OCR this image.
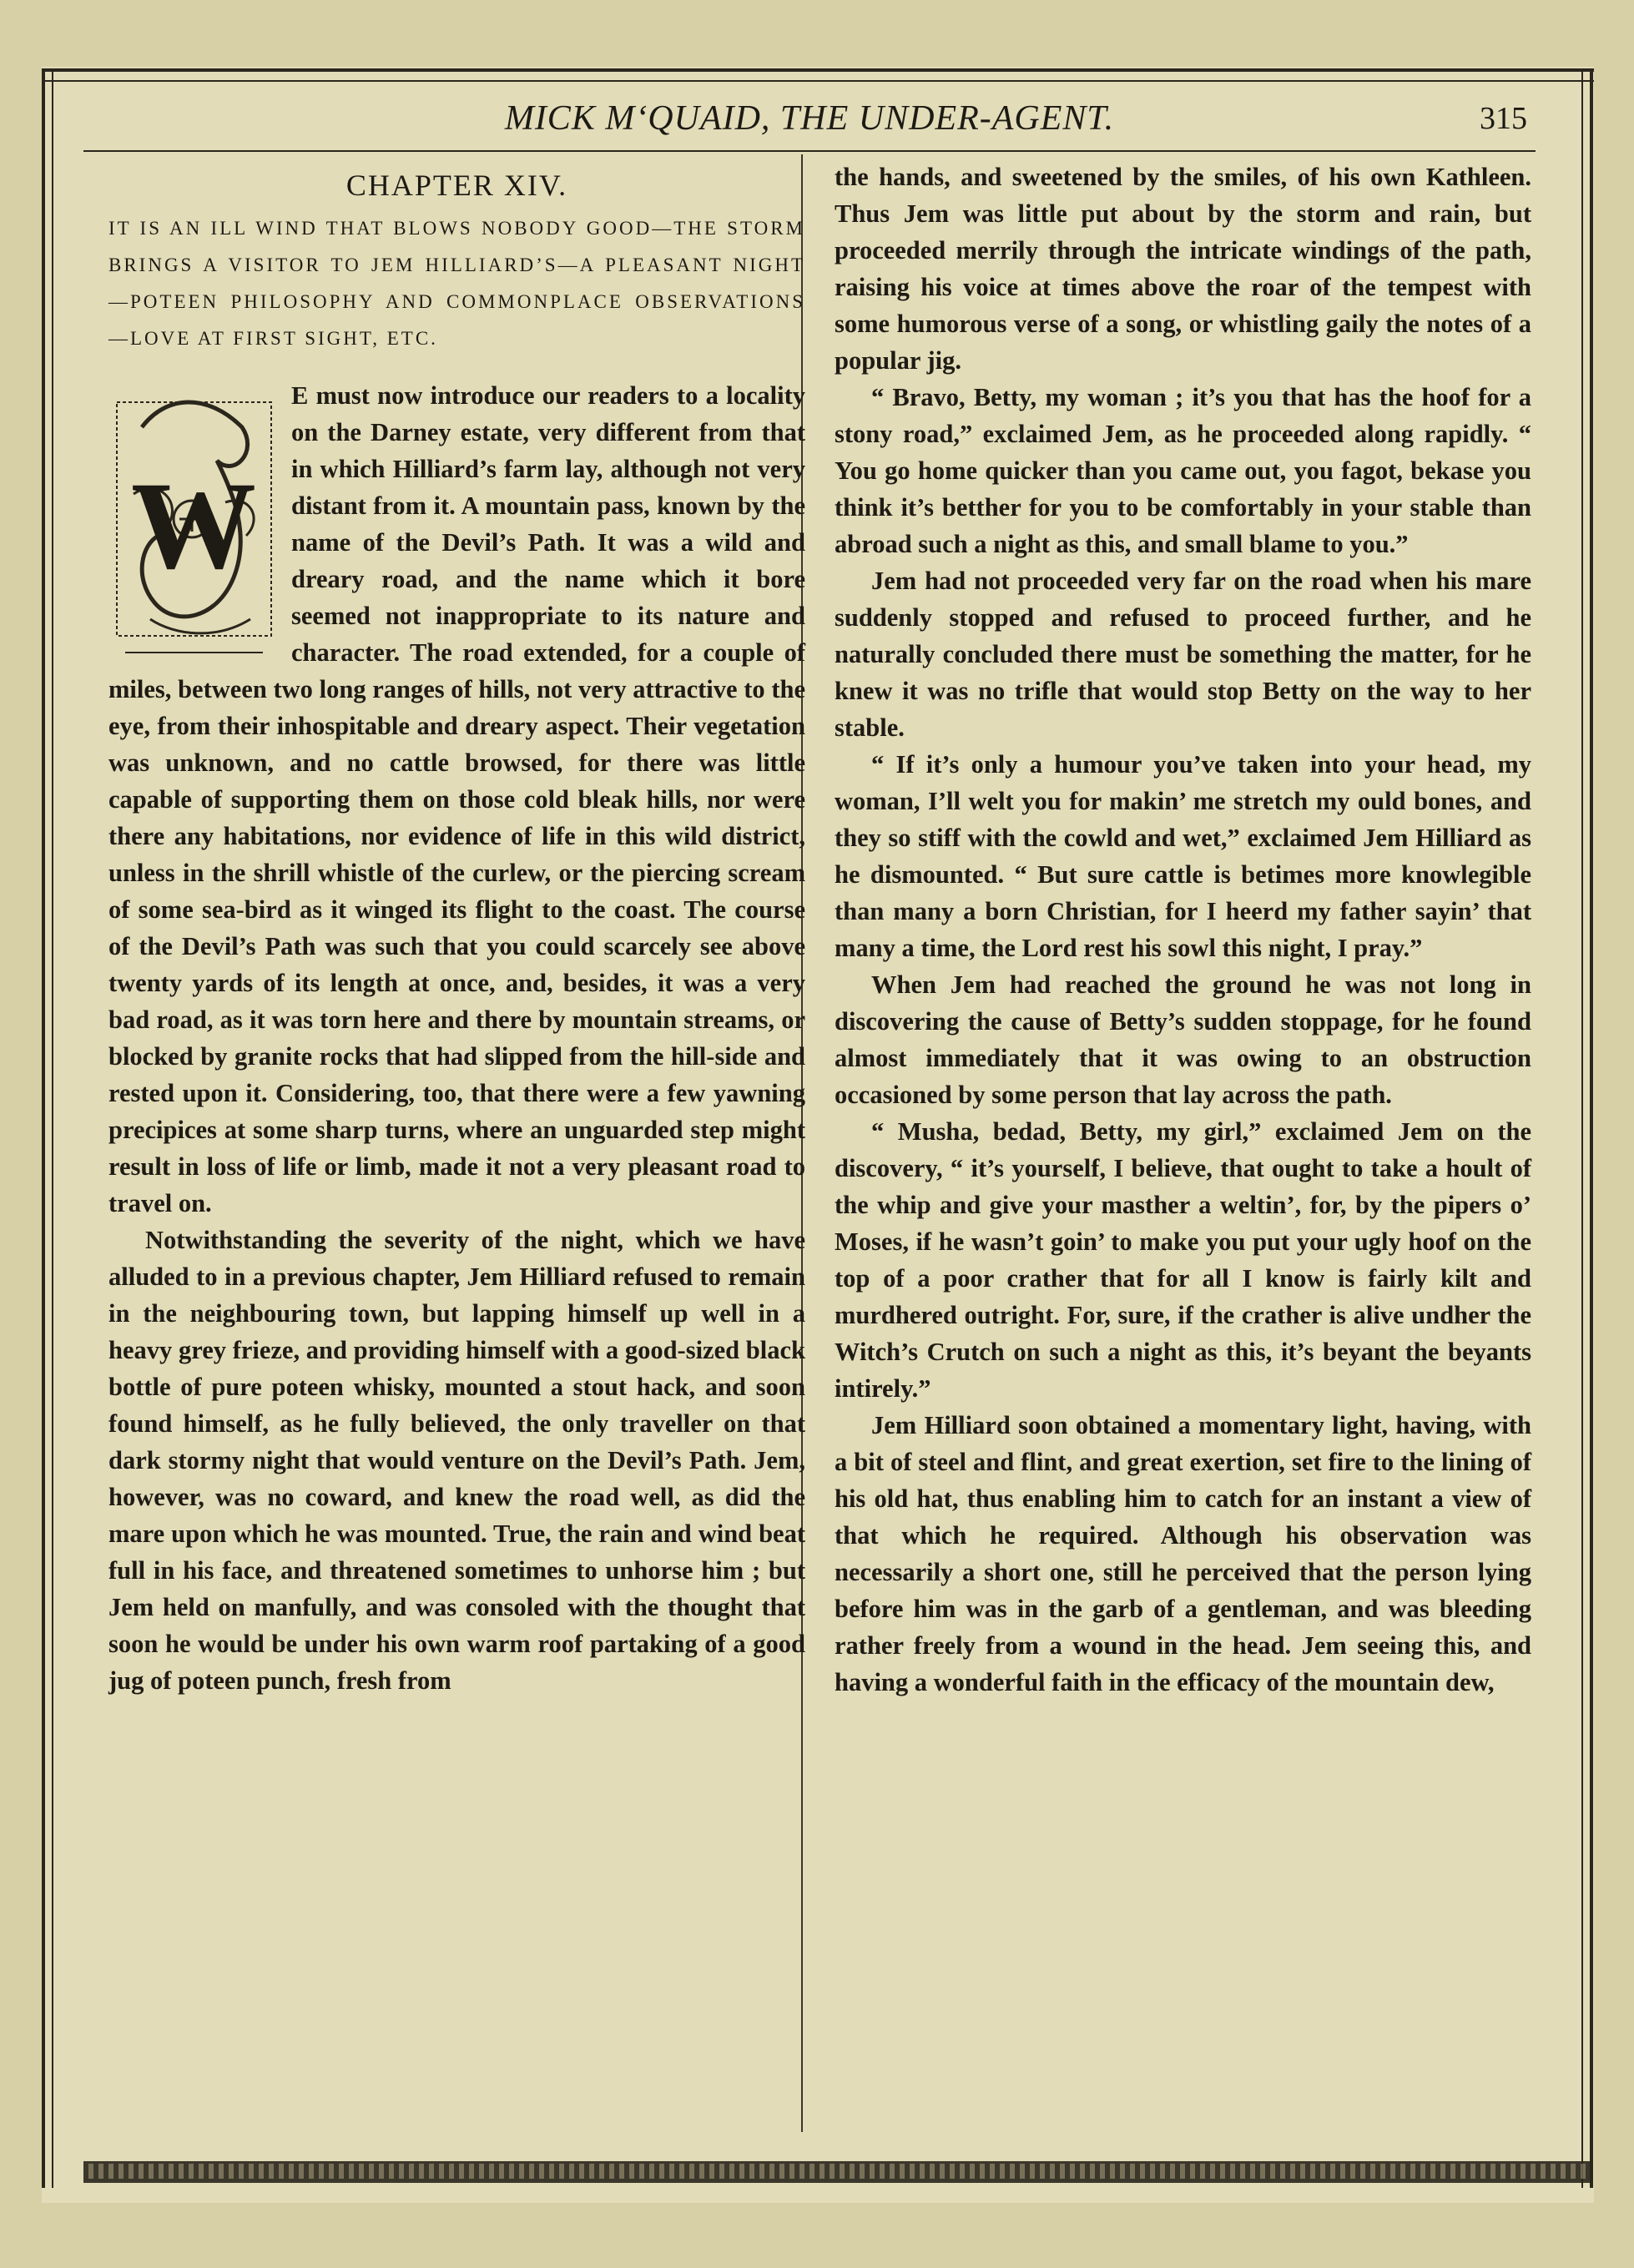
MICK M‘QUAID, THE UNDER-AGENT.	315
CHAPTER XIV.
IT IS AN ILL WIND THAT BLOWS NOBODY GOOD—THE STORM BRINGS A VISITOR TO JEM HILLIARD’S—A PLEASANT NIGHT—POTEEN PHILOSOPHY AND COMMONPLACE OBSERVATIONS—LOVE AT FIRST SIGHT, ETC.
W

E must now introduce our readers to a locality on the Darney estate, very different from that in which Hilliard’s farm lay, although not very distant from it. A mountain pass, known by the name of the Devil’s Path. It was a wild and dreary road, and the name which it bore seemed not inappropriate to its nature and character. The road extended, for a couple of miles, between two long ranges of hills, not very attractive to the eye, from their inhospitable and dreary aspect. Their vegetation was unknown, and no cattle browsed, for there was little capable of supporting them on those cold bleak hills, nor were there any habitations, nor evidence of life in this wild district, unless in the shrill whistle of the curlew, or the piercing scream of some sea-bird as it winged its flight to the coast. The course of the Devil’s Path was such that you could scarcely see above twenty yards of its length at once, and, besides, it was a very bad road, as it was torn here and there by mountain streams, or blocked by granite rocks that had slipped from the hill-side and rested upon it. Considering, too, that there were a few yawning precipices at some sharp turns, where an unguarded step might result in loss of life or limb, made it not a very pleasant road to travel on.

Notwithstanding the severity of the night, which we have alluded to in a previous chapter, Jem Hilliard refused to remain in the neighbouring town, but lapping himself up well in a heavy grey frieze, and providing himself with a good-sized black bottle of pure poteen whisky, mounted a stout hack, and soon found himself, as he fully believed, the only traveller on that dark stormy night that would venture on the Devil’s Path. Jem, however, was no coward, and knew the road well, as did the mare upon which he was mounted. True, the rain and wind beat full in his face, and threatened sometimes to unhorse him ; but Jem held on manfully, and was consoled with the thought that soon he would be under his own warm roof partaking of a good jug of poteen punch, fresh from

the hands, and sweetened by the smiles, of his own Kathleen. Thus Jem was little put about by the storm and rain, but proceeded merrily through the intricate windings of the path, raising his voice at times above the roar of the tempest with some humorous verse of a song, or whistling gaily the notes of a popular jig.

“ Bravo, Betty, my woman ; it’s you that has the hoof for a stony road,” exclaimed Jem, as he proceeded along rapidly. “ You go home quicker than you came out, you fagot, bekase you think it’s betther for you to be comfortably in your stable than abroad such a night as this, and small blame to you.”

Jem had not proceeded very far on the road when his mare suddenly stopped and refused to proceed further, and he naturally concluded there must be something the matter, for he knew it was no trifle that would stop Betty on the way to her stable.

“ If it’s only a humour you’ve taken into your head, my woman, I’ll welt you for makin’ me stretch my ould bones, and they so stiff with the cowld and wet,” exclaimed Jem Hilliard as he dismounted. “ But sure cattle is betimes more knowlegible than many a born Christian, for I heerd my father sayin’ that many a time, the Lord rest his sowl this night, I pray.”

When Jem had reached the ground he was not long in discovering the cause of Betty’s sudden stoppage, for he found almost immediately that it was owing to an obstruction occasioned by some person that lay across the path.

“ Musha, bedad, Betty, my girl,” exclaimed Jem on the discovery, “ it’s yourself, I believe, that ought to take a hoult of the whip and give your masther a weltin’, for, by the pipers o’ Moses, if he wasn’t goin’ to make you put your ugly hoof on the top of a poor crather that for all I know is fairly kilt and murdhered outright. For, sure, if the crather is alive undher the Witch’s Crutch on such a night as this, it’s beyant the beyants intirely.”

Jem Hilliard soon obtained a momentary light, having, with a bit of steel and flint, and great exertion, set fire to the lining of his old hat, thus enabling him to catch for an instant a view of that which he required. Although his observation was necessarily a short one, still he perceived that the person lying before him was in the garb of a gentleman, and was bleeding rather freely from a wound in the head. Jem seeing this, and having a wonderful faith in the efficacy of the mountain dew,
